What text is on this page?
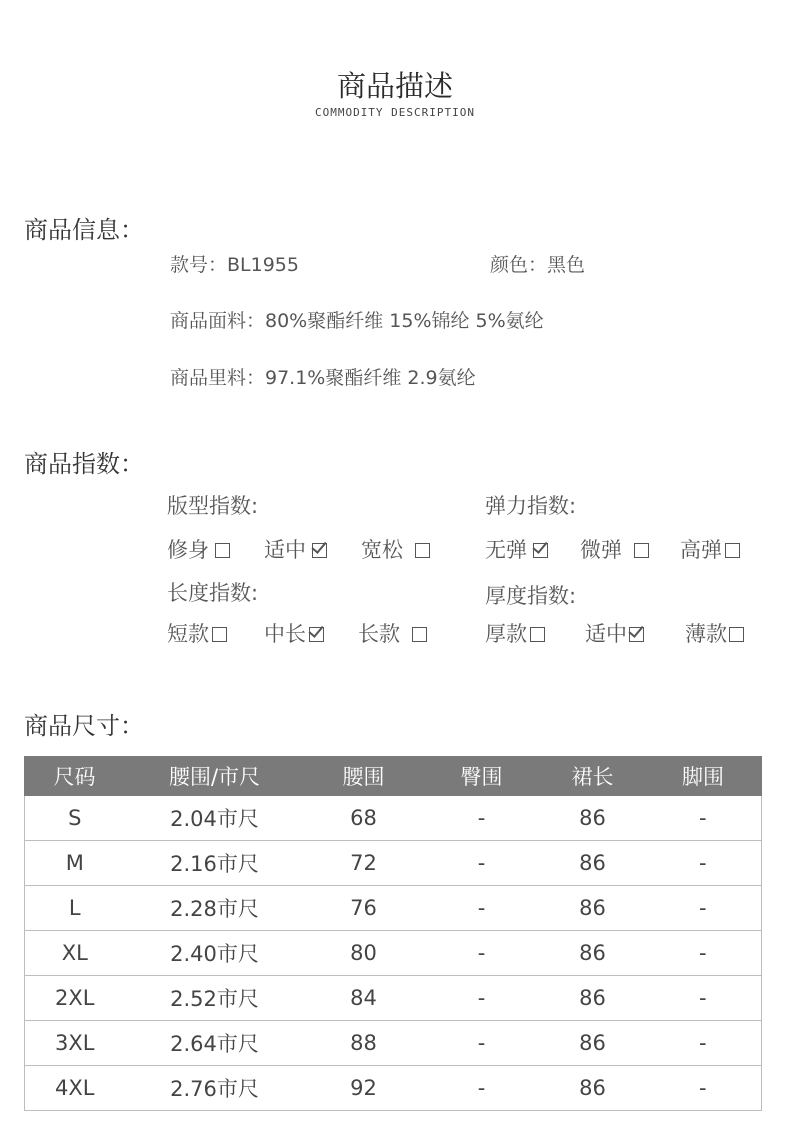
商品描述
COMMODITY DESCRIPTION
商品信息：
款号：BL1955	颜色：黑色
商品面料：80%聚酯纤维 15%锦纶 5%氨纶
商品里料：97.1%聚酯纤维 2.9氨纶
商品指数：
版型指数:	弹力指数:
修身	适中	宽松	无弹	微弹	高弹
长度指数:	厚度指数:
短款	中长 长款	厚款	适中	薄款
商品尺寸：
尺码	腰围/市尺	腰围	臀围	裙长	脚围
S	2.04市尺	68	-	86	-
M	2.16市尺	72	-	86	-
L	2.28市尺	76	-	86	-
XL	2.40市尺	80	-	86	-
2XL	2.52市尺	84	-	86	-
3XL	2.64市尺	88	-	86	-
4XL	2.76市尺	92	-	86	-
